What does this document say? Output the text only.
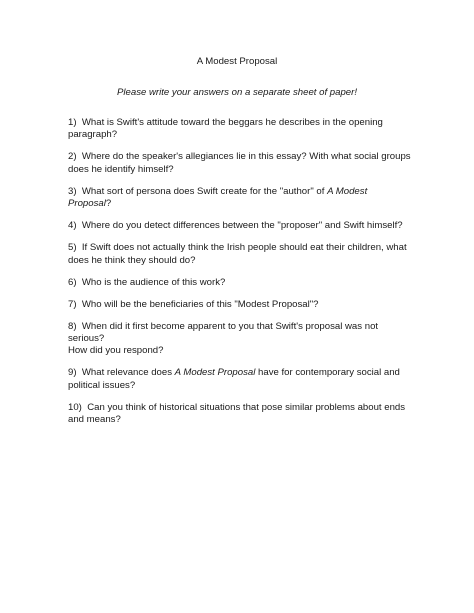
A Modest Proposal
Please write your answers on a separate sheet of paper!
1) What is Swift's attitude toward the beggars he describes in the opening paragraph?
2) Where do the speaker's allegiances lie in this essay? With what social groups does he identify himself?
3) What sort of persona does Swift create for the "author" of A Modest Proposal?
4) Where do you detect differences between the "proposer" and Swift himself?
5) If Swift does not actually think the Irish people should eat their children, what does he think they should do?
6) Who is the audience of this work?
7) Who will be the beneficiaries of this "Modest Proposal"?
8) When did it first become apparent to you that Swift's proposal was not serious?
How did you respond?
9) What relevance does A Modest Proposal have for contemporary social and political issues?
10) Can you think of historical situations that pose similar problems about ends and means?
